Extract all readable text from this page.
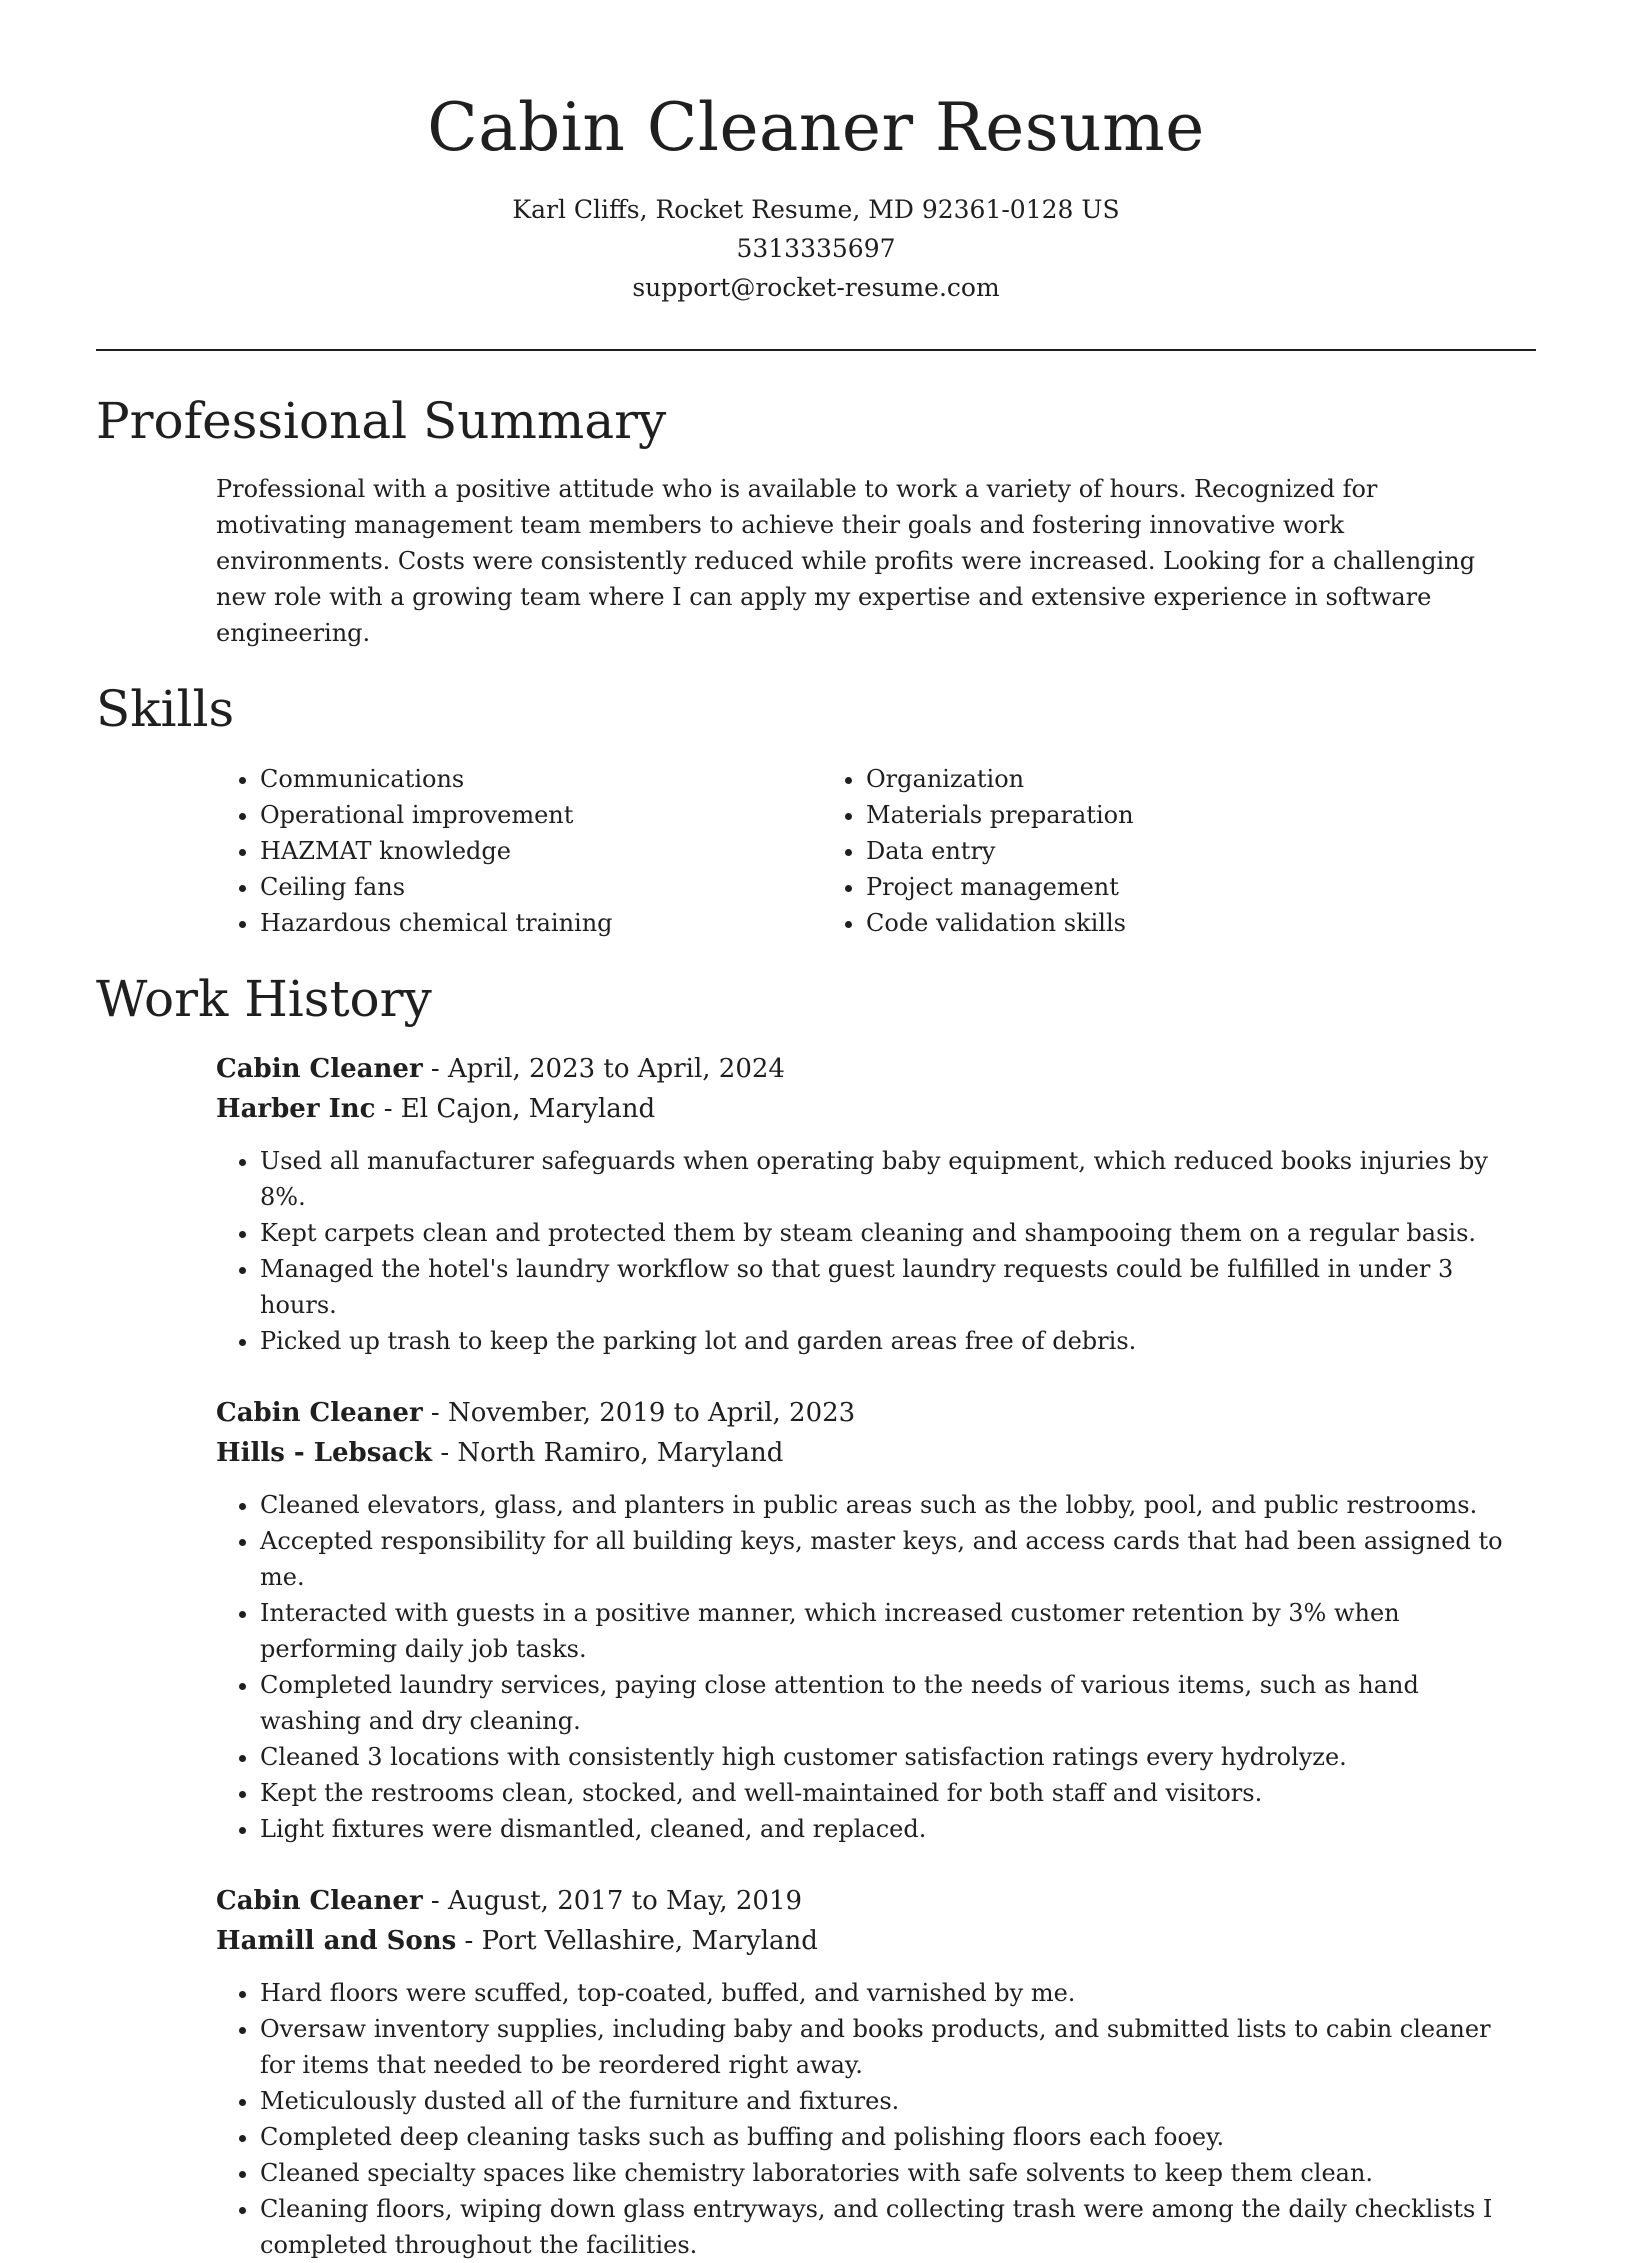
Cabin Cleaner Resume
Karl Cliffs, Rocket Resume, MD 92361-0128 US
5313335697
support@rocket-resume.com
Professional Summary

Professional with a positive attitude who is available to work a variety of hours. Recognized for motivating management team members to achieve their goals and fostering innovative work environments. Costs were consistently reduced while profits were increased. Looking for a challenging new role with a growing team where I can apply my expertise and extensive experience in software engineering.

Skills
• Communications
• Operational improvement
• HAZMAT knowledge
• Ceiling fans
• Hazardous chemical training
• Organization
• Materials preparation
• Data entry
• Project management
• Code validation skills
Work History
Cabin Cleaner - April, 2023 to April, 2024
Harber Inc - El Cajon, Maryland
• Used all manufacturer safeguards when operating baby equipment, which reduced books injuries by 8%.
• Kept carpets clean and protected them by steam cleaning and shampooing them on a regular basis.
• Managed the hotel's laundry workflow so that guest laundry requests could be fulfilled in under 3 hours.
• Picked up trash to keep the parking lot and garden areas free of debris.
Cabin Cleaner - November, 2019 to April, 2023
Hills - Lebsack - North Ramiro, Maryland
• Cleaned elevators, glass, and planters in public areas such as the lobby, pool, and public restrooms.
• Accepted responsibility for all building keys, master keys, and access cards that had been assigned to me.
• Interacted with guests in a positive manner, which increased customer retention by 3% when performing daily job tasks.
• Completed laundry services, paying close attention to the needs of various items, such as hand washing and dry cleaning.
• Cleaned 3 locations with consistently high customer satisfaction ratings every hydrolyze.
• Kept the restrooms clean, stocked, and well-maintained for both staff and visitors.
• Light fixtures were dismantled, cleaned, and replaced.
Cabin Cleaner - August, 2017 to May, 2019
Hamill and Sons - Port Vellashire, Maryland
• Hard floors were scuffed, top-coated, buffed, and varnished by me.
• Oversaw inventory supplies, including baby and books products, and submitted lists to cabin cleaner for items that needed to be reordered right away.
• Meticulously dusted all of the furniture and fixtures.
• Completed deep cleaning tasks such as buffing and polishing floors each fooey.
• Cleaned specialty spaces like chemistry laboratories with safe solvents to keep them clean.
• Cleaning floors, wiping down glass entryways, and collecting trash were among the daily checklists I completed throughout the facilities.
